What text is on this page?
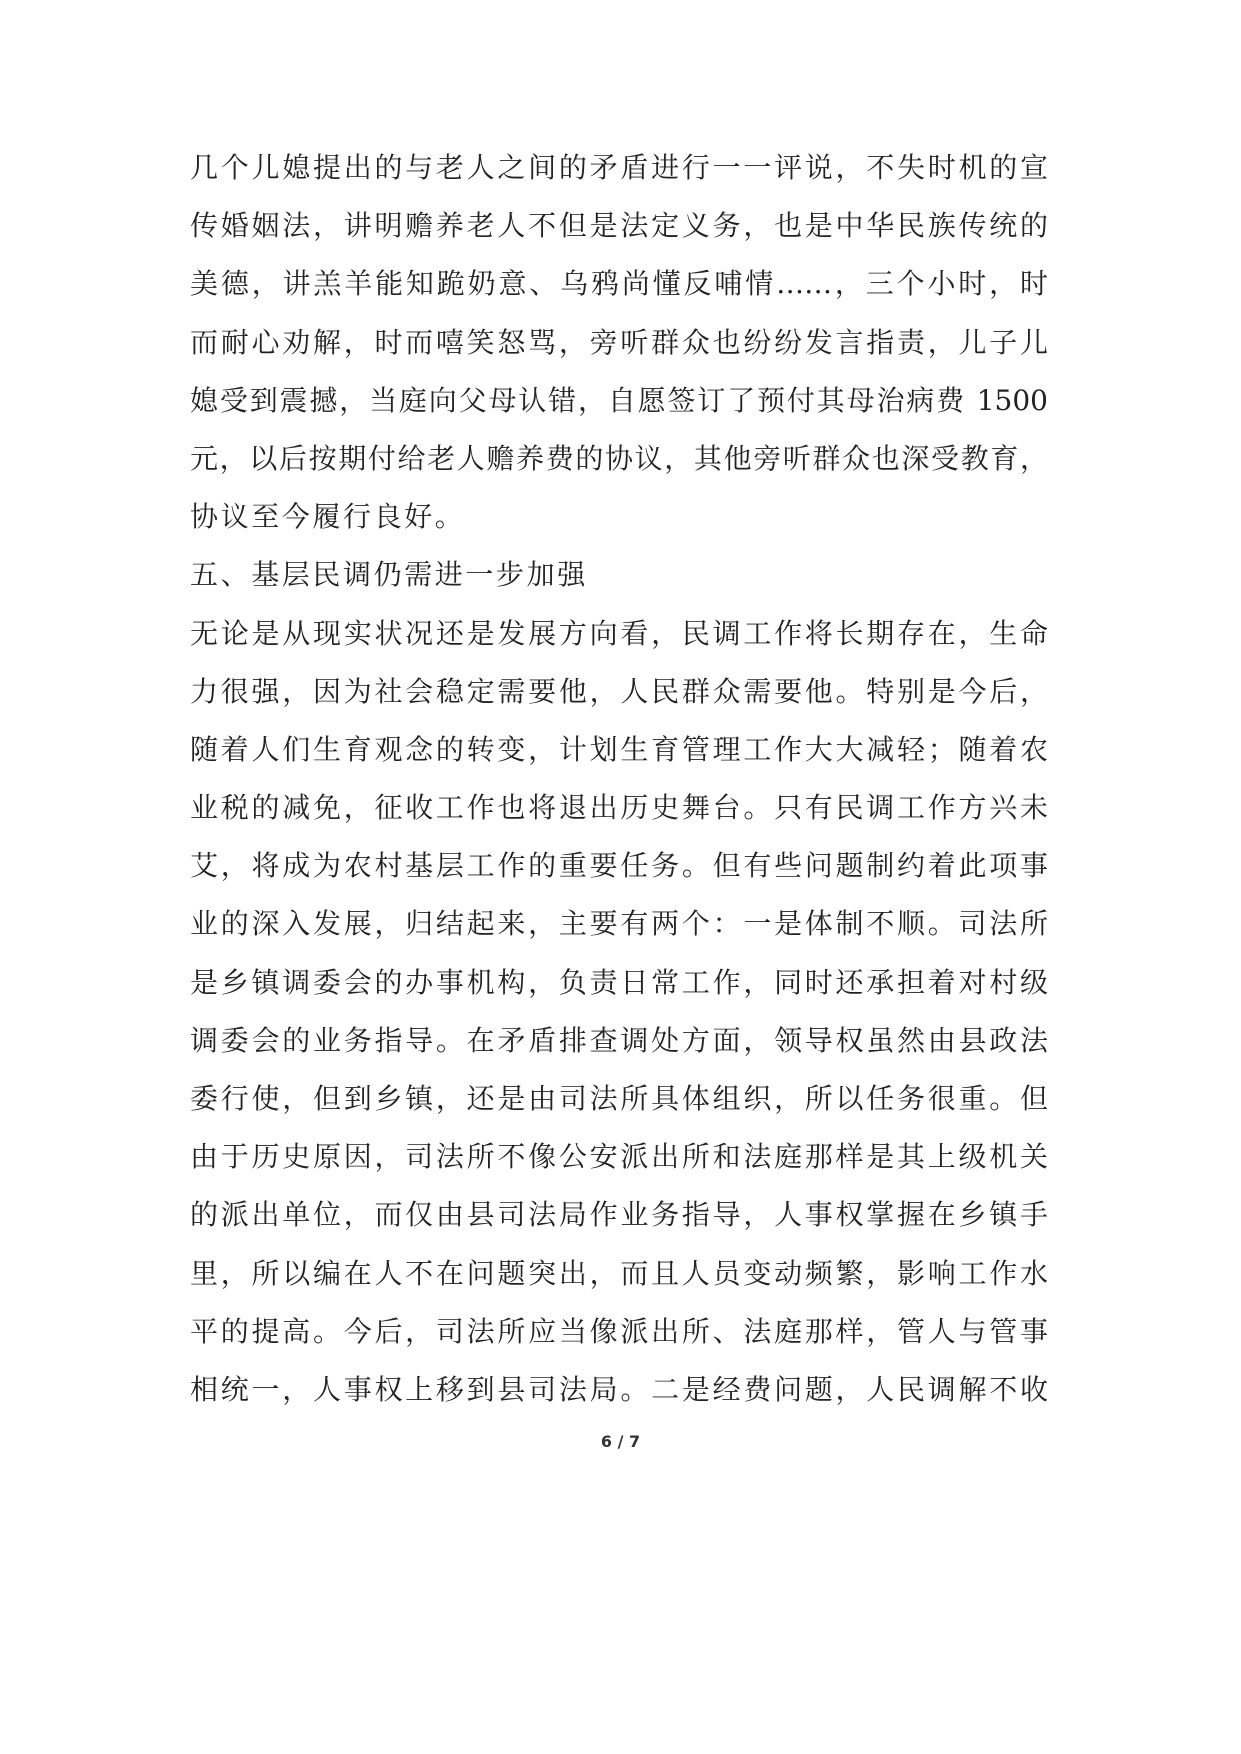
几个儿媳提出的与老人之间的矛盾进行一一评说，不失时机的宣
传婚姻法，讲明赡养老人不但是法定义务，也是中华民族传统的
美德，讲羔羊能知跪奶意、乌鸦尚懂反哺情……，三个小时，时
而耐心劝解，时而嘻笑怒骂，旁听群众也纷纷发言指责，儿子儿
媳受到震撼，当庭向父母认错，自愿签订了预付其母治病费 1500
元，以后按期付给老人赡养费的协议，其他旁听群众也深受教育，
协议至今履行良好。
五、基层民调仍需进一步加强
无论是从现实状况还是发展方向看，民调工作将长期存在，生命
力很强，因为社会稳定需要他，人民群众需要他。特别是今后，
随着人们生育观念的转变，计划生育管理工作大大减轻；随着农
业税的减免，征收工作也将退出历史舞台。只有民调工作方兴未
艾，将成为农村基层工作的重要任务。但有些问题制约着此项事
业的深入发展，归结起来，主要有两个：一是体制不顺。司法所
是乡镇调委会的办事机构，负责日常工作，同时还承担着对村级
调委会的业务指导。在矛盾排查调处方面，领导权虽然由县政法
委行使，但到乡镇，还是由司法所具体组织，所以任务很重。但
由于历史原因，司法所不像公安派出所和法庭那样是其上级机关
的派出单位，而仅由县司法局作业务指导，人事权掌握在乡镇手
里，所以编在人不在问题突出，而且人员变动频繁，影响工作水
平的提高。今后，司法所应当像派出所、法庭那样，管人与管事
相统一，人事权上移到县司法局。二是经费问题，人民调解不收
6 / 7
